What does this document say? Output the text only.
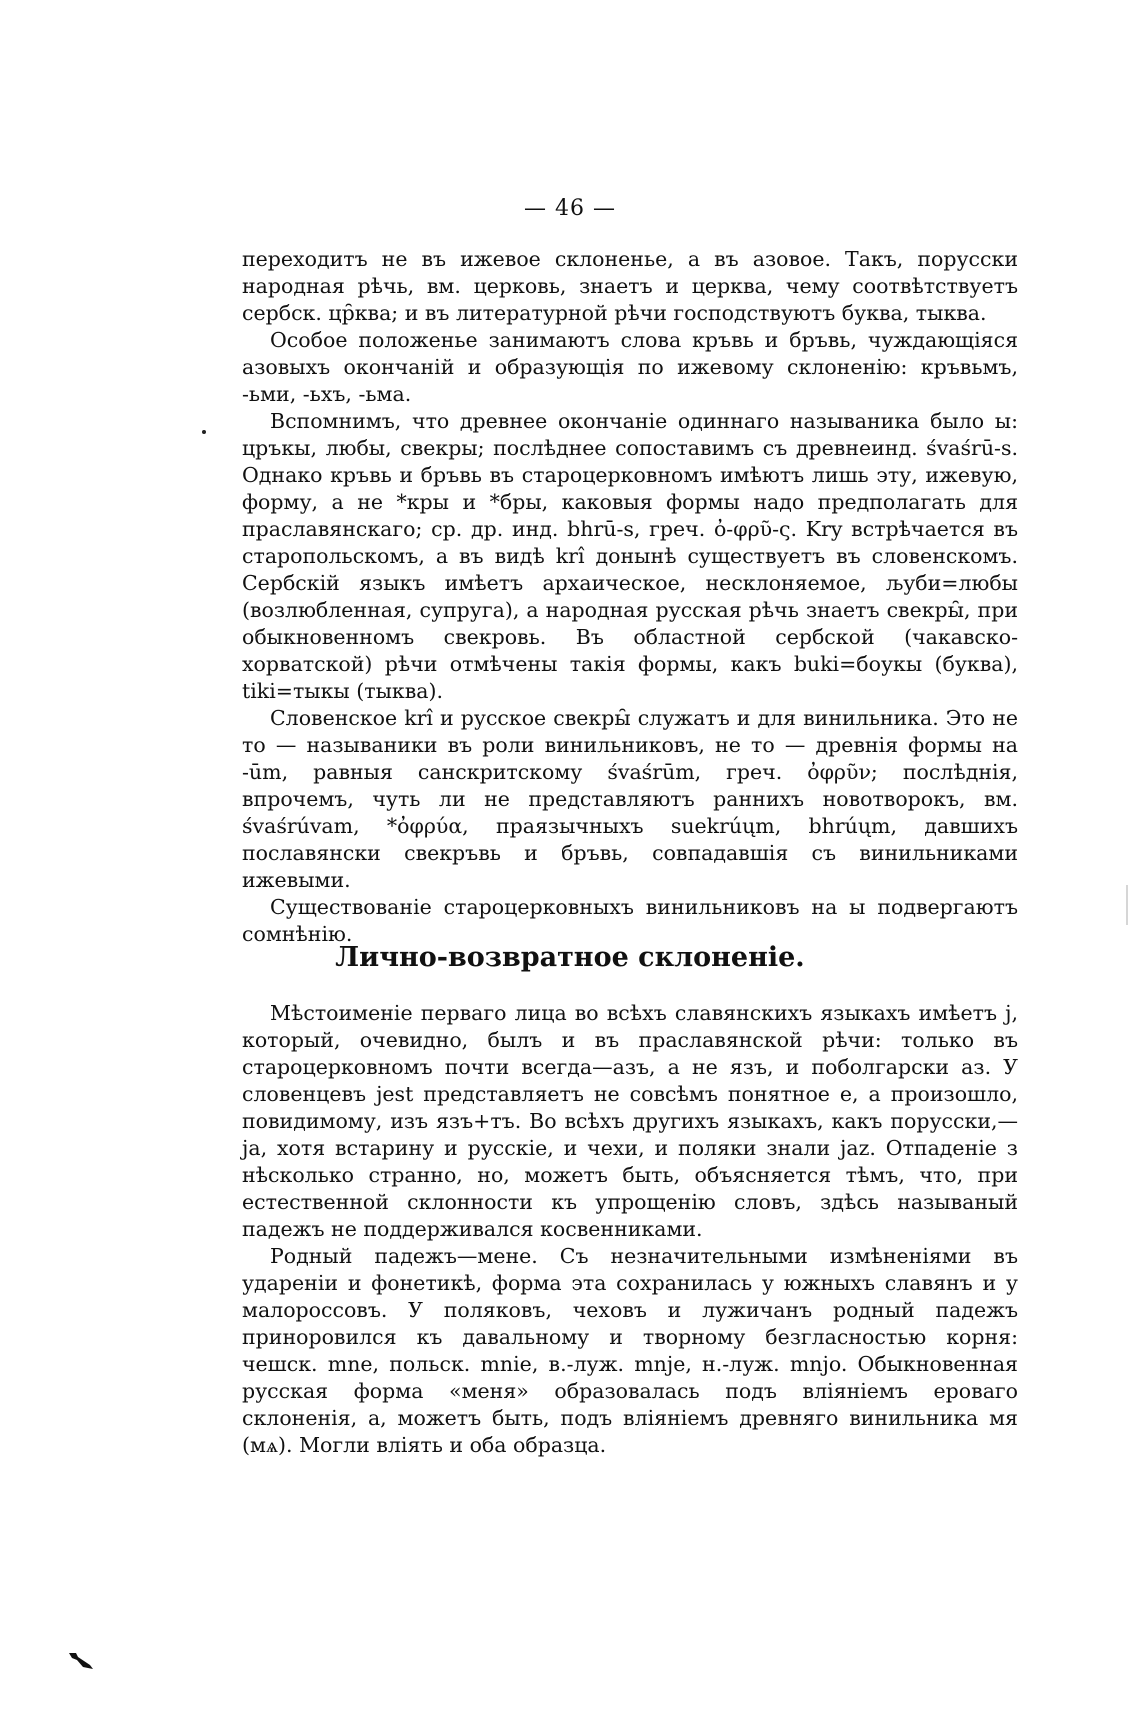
— 46 —

переходитъ не въ ижевое склоненье, а въ азовое. Такъ, порусски народная рѣчь, вм. церковь, знаетъ и церква, чему соотвѣтствуетъ сербск. цр̑ква; и въ литературной рѣчи господствуютъ буква, тыква.

Особое положенье занимаютъ слова кръвь и бръвь, чуждающіяся азовыхъ окончаній и образующія по ижевому склоненію: кръвьмъ, -ьми, -ьхъ, -ьма.

Вспомнимъ, что древнее окончаніе одиннаго называника было ы: цръкы, любы, свекры; послѣднее сопоставимъ съ древнеинд. śvaśrū-s. Однако кръвь и бръвь въ староцерковномъ имѣютъ лишь эту, ижевую, форму, а не *кры и *бры, каковыя формы надо предполагать для праславянскаго; ср. др. инд. bhrū-s, греч. ὀ-φρῦ-ς. Kry встрѣчается въ старопольскомъ, а въ видѣ krî донынѣ существуетъ въ словенскомъ. Сербскій языкъ имѣетъ архаическое, несклоняемое, љуби=любы (возлюбленная, супруга), а народная русская рѣчь знаетъ свекры̑, при обыкновенномъ свекровь. Въ областной сербской (чакавско-хорватской) рѣчи отмѣчены такія формы, какъ buki=боукы (буква), tiki=тыкы (тыква).

Словенское krî и русское свекры̑ служатъ и для винильника. Это не то — называники въ роли винильниковъ, не то — древнія формы на -ūm, равныя санскритскому śvaśrūm, греч. ὀφρῦν; послѣднія, впрочемъ, чуть ли не представляютъ раннихъ новотворокъ, вм. śvaśrúvam, *ὀφρύα, праязычныхъ suekrúųm, bhrúųm, давшихъ пославянски свекръвь и бръвь, совпадавшія съ винильниками ижевыми.

Существованіе староцерковныхъ винильниковъ на ы подвергаютъ сомнѣнію.

Лично-возвратное склоненіе.

Мѣстоименіе перваго лица во всѣхъ славянскихъ языкахъ имѣетъ j, который, очевидно, былъ и въ праславянской рѣчи: только въ староцерковномъ почти всегда—азъ, а не язъ, и поболгарски аз. У словенцевъ jest представляетъ не совсѣмъ понятное е, а произошло, повидимому, изъ язъ+тъ. Во всѣхъ другихъ языкахъ, какъ порусски,—ja, хотя встарину и русскіе, и чехи, и поляки знали jaz. Отпаденіе з нѣсколько странно, но, можетъ быть, объясняется тѣмъ, что, при естественной склонности къ упрощенію словъ, здѣсь называный падежъ не поддерживался косвенниками.

Родный падежъ—мене. Съ незначительными измѣненіями въ удареніи и фонетикѣ, форма эта сохранилась у южныхъ славянъ и у малороссовъ. У поляковъ, чеховъ и лужичанъ родный падежъ приноровился къ давальному и творному безгласностью корня: чешск. mne, польск. mnie, в.-луж. mnje, н.-луж. mnjo. Обыкновенная русская форма «меня» образовалась подъ вліяніемъ ероваго склоненія, а, можетъ быть, подъ вліяніемъ древняго винильника мя (мѧ). Могли влiять и оба образца.
